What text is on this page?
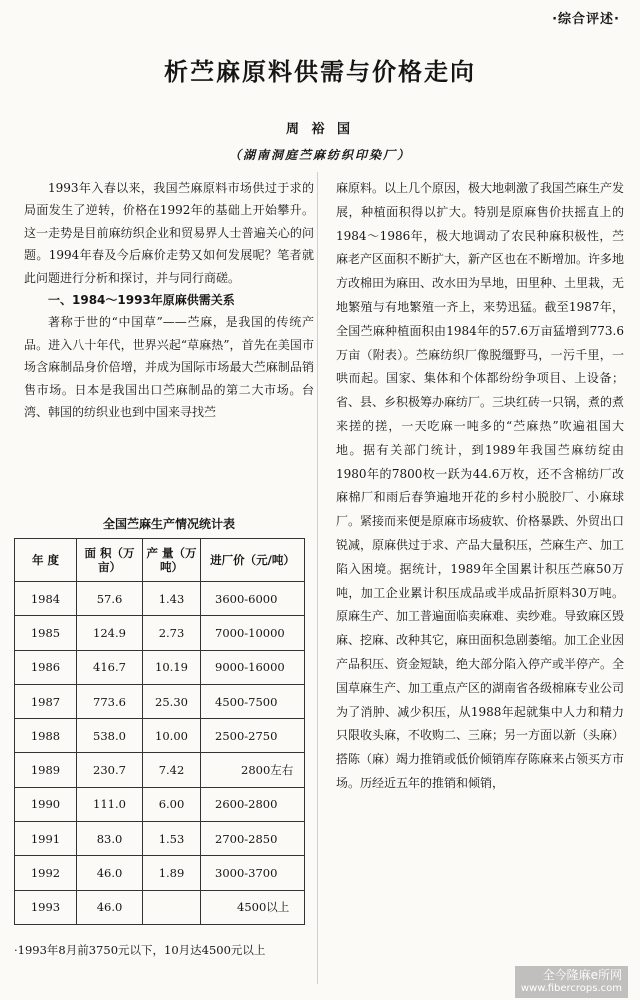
·综合评述·
析苎麻原料供需与价格走向
周 裕 国
（湖南洞庭苎麻纺织印染厂）

1993年入春以来，我国苎麻原料市场供过于求的局面发生了逆转，价格在1992年的基础上开始攀升。这一走势是目前麻纺织企业和贸易界人士普遍关心的问题。1994年春及今后麻价走势又如何发展呢？笔者就此问题进行分析和探讨，并与同行商磋。

一、1984～1993年原麻供需关系

著称于世的“中国草”——苎麻，是我国的传统产品。进入八十年代，世界兴起“草麻热”，首先在美国市场含麻制品身价倍增，并成为国际市场最大苎麻制品销售市场。日本是我国出口苎麻制品的第二大市场。台湾、韩国的纺织业也到中国来寻找苎

全国苎麻生产情况统计表
年 度	面 积（万亩）	产 量（万吨）	进厂价（元/吨）
1984	57.6	1.43	3600-6000
1985	124.9	2.73	7000-10000
1986	416.7	10.19	9000-16000
1987	773.6	25.30	4500-7500
1988	538.0	10.00	2500-2750
1989	230.7	7.42	2800左右
1990	111.0	6.00	2600-2800
1991	83.0	1.53	2700-2850
1992	46.0	1.89	3000-3700
1993	46.0		4500以上
·1993年8月前3750元以下，10月达4500元以上

麻原料。以上几个原因，极大地刺激了我国苎麻生产发展，种植面积得以扩大。特别是原麻售价扶摇直上的1984～1986年，极大地调动了农民种麻积极性，苎麻老产区面积不断扩大，新产区也在不断增加。许多地方改棉田为麻田、改水田为旱地，田里种、土里栽，无地繁殖与有地繁殖一齐上，来势迅猛。截至1987年，全国苎麻种植面积由1984年的57.6万亩猛增到773.6万亩（附表）。苎麻纺织厂像脱缰野马，一污千里，一哄而起。国家、集体和个体都纷纷争项目、上设备；省、县、乡积极筹办麻纺厂。三块红砖一只锅，煮的煮来搓的搓，一天吃麻一吨多的“苎麻热”吹遍祖国大地。据有关部门统计，到1989年我国苎麻纺绽由1980年的7800枚一跃为44.6万枚，还不含棉纺厂改麻棉厂和雨后春笋遍地开花的乡村小脱胶厂、小麻球厂。紧接而来便是原麻市场疲软、价格暴跌、外贸出口锐减，原麻供过于求、产品大量积压，苎麻生产、加工陷入困境。据统计，1989年全国累计积压苎麻50万吨，加工企业累计积压成品或半成品折原料30万吨。原麻生产、加工普遍面临卖麻难、卖纱难。导致麻区毁麻、挖麻、改种其它，麻田面积急剧萎缩。加工企业因产品积压、资金短缺，绝大部分陷入停产或半停产。全国草麻生产、加工重点产区的湖南省各级棉麻专业公司为了消肿、减少积压，从1988年起就集中人力和精力只限收头麻，不收购二、三麻；另一方面以新（头麻）搭陈（麻）竭力推销或低价倾销库存陈麻来占领买方市场。历经近五年的推销和倾销，

全今隆麻e所网
www.fibercrops.com
